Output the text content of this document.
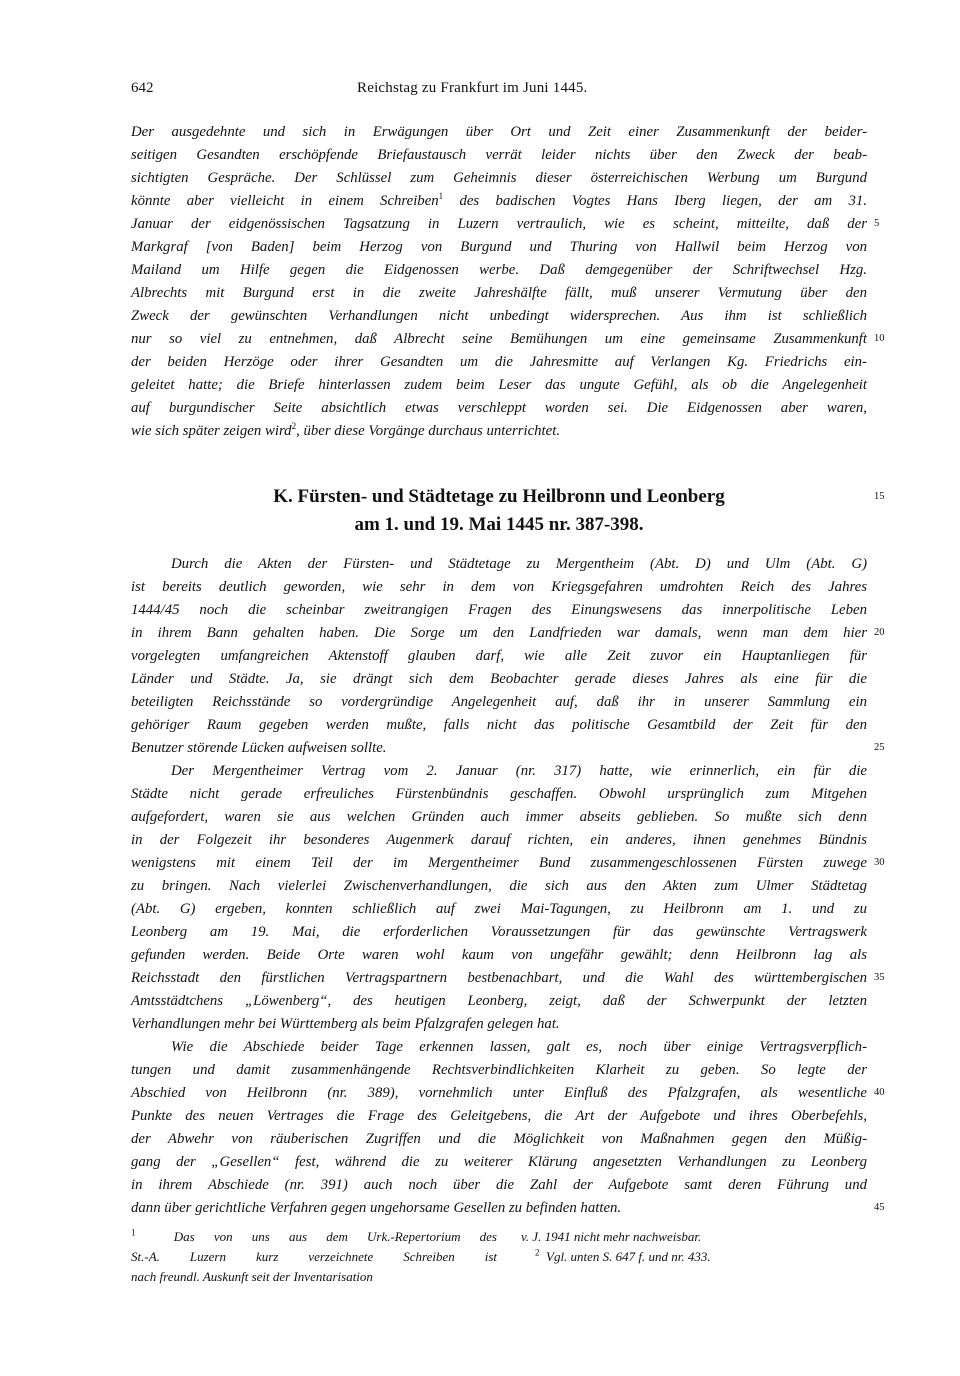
642	Reichstag zu Frankfurt im Juni 1445.
Der ausgedehnte und sich in Erwägungen über Ort und Zeit einer Zusammenkunft der beider-
seitigen Gesandten erschöpfende Briefaustausch verrät leider nichts über den Zweck der beab-
sichtigten Gespräche. Der Schlüssel zum Geheimnis dieser österreichischen Werbung um Burgund
könnte aber vielleicht in einem Schreiben$^1$ des badischen Vogtes Hans Iberg liegen, der am 31.
Januar der eidgenössischen Tagsatzung in Luzern vertraulich, wie es scheint, mitteilte, daß der
Markgraf [von Baden] beim Herzog von Burgund und Thuring von Hallwil beim Herzog von
Mailand um Hilfe gegen die Eidgenossen werbe. Daß demgegenüber der Schriftwechsel Hzg.
Albrechts mit Burgund erst in die zweite Jahreshälfte fällt, muß unserer Vermutung über den
Zweck der gewünschten Verhandlungen nicht unbedingt widersprechen. Aus ihm ist schließlich
nur so viel zu entnehmen, daß Albrecht seine Bemühungen um eine gemeinsame Zusammenkunft
der beiden Herzöge oder ihrer Gesandten um die Jahresmitte auf Verlangen Kg. Friedrichs ein-
geleitet hatte; die Briefe hinterlassen zudem beim Leser das ungute Gefühl, als ob die Angelegenheit
auf burgundischer Seite absichtlich etwas verschleppt worden sei. Die Eidgenossen aber waren,
wie sich später zeigen wird$^2$, über diese Vorgänge durchaus unterrichtet.
K. Fürsten- und Städtetage zu Heilbronn und Leonberg
am 1. und 19. Mai 1445 nr. 387-398.
Durch die Akten der Fürsten- und Städtetage zu Mergentheim (Abt. D) und Ulm (Abt. G)
ist bereits deutlich geworden, wie sehr in dem von Kriegsgefahren umdrohten Reich des Jahres
1444/45 noch die scheinbar zweitrangigen Fragen des Einungswesens das innerpolitische Leben
in ihrem Bann gehalten haben. Die Sorge um den Landfrieden war damals, wenn man dem hier
vorgelegten umfangreichen Aktenstoff glauben darf, wie alle Zeit zuvor ein Hauptanliegen für
Länder und Städte. Ja, sie drängt sich dem Beobachter gerade dieses Jahres als eine für die
beteiligten Reichsstände so vordergründige Angelegenheit auf, daß ihr in unserer Sammlung ein
gehöriger Raum gegeben werden mußte, falls nicht das politische Gesamtbild der Zeit für den
Benutzer störende Lücken aufweisen sollte.
Der Mergentheimer Vertrag vom 2. Januar (nr. 317) hatte, wie erinnerlich, ein für die
Städte nicht gerade erfreuliches Fürstenbündnis geschaffen. Obwohl ursprünglich zum Mitgehen
aufgefordert, waren sie aus welchen Gründen auch immer abseits geblieben. So mußte sich denn
in der Folgezeit ihr besonderes Augenmerk darauf richten, ein anderes, ihnen genehmes Bündnis
wenigstens mit einem Teil der im Mergentheimer Bund zusammengeschlossenen Fürsten zuwege
zu bringen. Nach vielerlei Zwischenverhandlungen, die sich aus den Akten zum Ulmer Städtetag
(Abt. G) ergeben, konnten schließlich auf zwei Mai-Tagungen, zu Heilbronn am 1. und zu
Leonberg am 19. Mai, die erforderlichen Voraussetzungen für das gewünschte Vertragswerk
gefunden werden. Beide Orte waren wohl kaum von ungefähr gewählt; denn Heilbronn lag als
Reichsstadt den fürstlichen Vertragspartnern bestbenachbart, und die Wahl des württembergischen
Amtsstädtchens „Löwenberg“, des heutigen Leonberg, zeigt, daß der Schwerpunkt der letzten
Verhandlungen mehr bei Württemberg als beim Pfalzgrafen gelegen hat.
Wie die Abschiede beider Tage erkennen lassen, galt es, noch über einige Vertragsverpflich-
tungen und damit zusammenhängende Rechtsverbindlichkeiten Klarheit zu geben. So legte der
Abschied von Heilbronn (nr. 389), vornehmlich unter Einfluß des Pfalzgrafen, als wesentliche
Punkte des neuen Vertrages die Frage des Geleitgebens, die Art der Aufgebote und ihres Oberbefehls,
der Abwehr von räuberischen Zugriffen und die Möglichkeit von Maßnahmen gegen den Müßig-
gang der „Gesellen“ fest, während die zu weiterer Klärung angesetzten Verhandlungen zu Leonberg
in ihrem Abschiede (nr. 391) auch noch über die Zahl der Aufgebote samt deren Führung und
dann über gerichtliche Verfahren gegen ungehorsame Gesellen zu befinden hatten.
5
10
15
20
25
30
35
40
45
$^1$	Das von uns aus dem Urk.-Repertorium des
St.-A. Luzern kurz verzeichnete Schreiben ist
nach freundl. Auskunft seit der Inventarisation
v. J. 1941 nicht mehr nachweisbar.
$^2$ Vgl. unten S. 647 f. und nr. 433.
